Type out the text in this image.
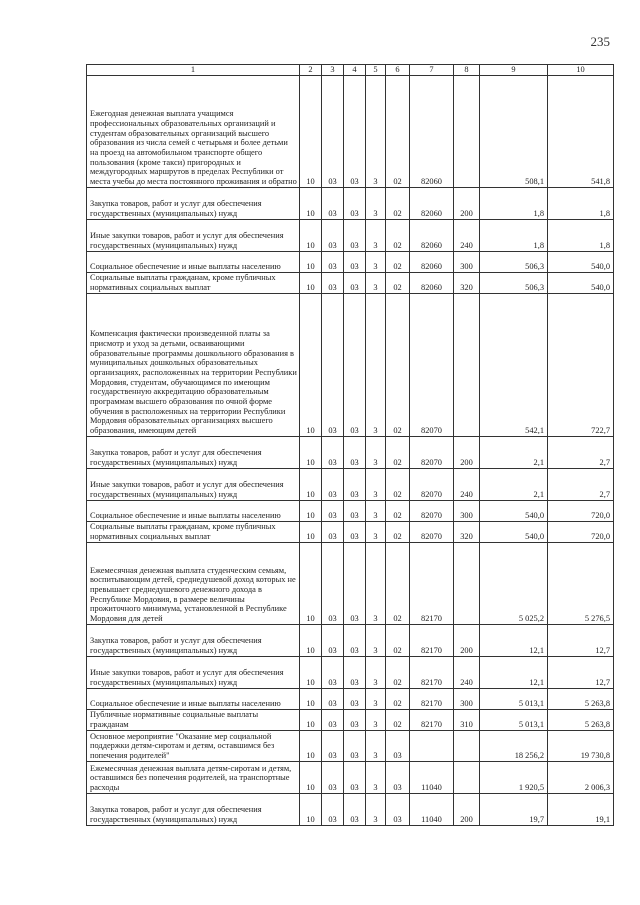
235
1	2	3	4	5	6	7	8	9	10
Ежегодная денежная выплата учащимся профессиональных образовательных организаций и студентам образовательных организаций высшего образования из числа семей с четырьмя и более детьми на проезд на автомобильном транспорте общего пользования (кроме такси) пригородных и междугородных маршрутов в пределах Республики от места учебы до места постоянного проживания и обратно	10	03	03	3	02	82060		508,1	541,8
Закупка товаров, работ и услуг для обеспечения государственных (муниципальных) нужд	10	03	03	3	02	82060	200	1,8	1,8
Иные закупки товаров, работ и услуг для обеспечения государственных (муниципальных) нужд	10	03	03	3	02	82060	240	1,8	1,8
Социальное обеспечение и иные выплаты населению	10	03	03	3	02	82060	300	506,3	540,0
Социальные выплаты гражданам, кроме публичных нормативных социальных выплат	10	03	03	3	02	82060	320	506,3	540,0
Компенсация фактически произведенной платы за присмотр и уход за детьми, осваивающими образовательные программы дошкольного образования в муниципальных дошкольных образовательных организациях, расположенных на территории Республики Мордовия, студентам, обучающимся по имеющим государственную аккредитацию образовательным программам высшего образования по очной форме обучения в расположенных на территории Республики Мордовия образовательных организациях высшего образования, имеющим детей	10	03	03	3	02	82070		542,1	722,7
Закупка товаров, работ и услуг для обеспечения государственных (муниципальных) нужд	10	03	03	3	02	82070	200	2,1	2,7
Иные закупки товаров, работ и услуг для обеспечения государственных (муниципальных) нужд	10	03	03	3	02	82070	240	2,1	2,7
Социальное обеспечение и иные выплаты населению	10	03	03	3	02	82070	300	540,0	720,0
Социальные выплаты гражданам, кроме публичных нормативных социальных выплат	10	03	03	3	02	82070	320	540,0	720,0
Ежемесячная денежная выплата студенческим семьям, воспитывающим детей, среднедушевой доход которых не превышает среднедушевого денежного дохода в Республике Мордовия, в размере величины прожиточного минимума, установленной в Республике Мордовия для детей	10	03	03	3	02	82170		5 025,2	5 276,5
Закупка товаров, работ и услуг для обеспечения государственных (муниципальных) нужд	10	03	03	3	02	82170	200	12,1	12,7
Иные закупки товаров, работ и услуг для обеспечения государственных (муниципальных) нужд	10	03	03	3	02	82170	240	12,1	12,7
Социальное обеспечение и иные выплаты населению	10	03	03	3	02	82170	300	5 013,1	5 263,8
Публичные нормативные социальные выплаты гражданам	10	03	03	3	02	82170	310	5 013,1	5 263,8
Основное мероприятие "Оказание мер социальной поддержки детям-сиротам и детям, оставшимся без попечения родителей"	10	03	03	3	03			18 256,2	19 730,8
Ежемесячная денежная выплата детям-сиротам и детям, оставшимся без попечения родителей, на транспортные расходы	10	03	03	3	03	11040		1 920,5	2 006,3
Закупка товаров, работ и услуг для обеспечения государственных (муниципальных) нужд	10	03	03	3	03	11040	200	19,7	19,1
